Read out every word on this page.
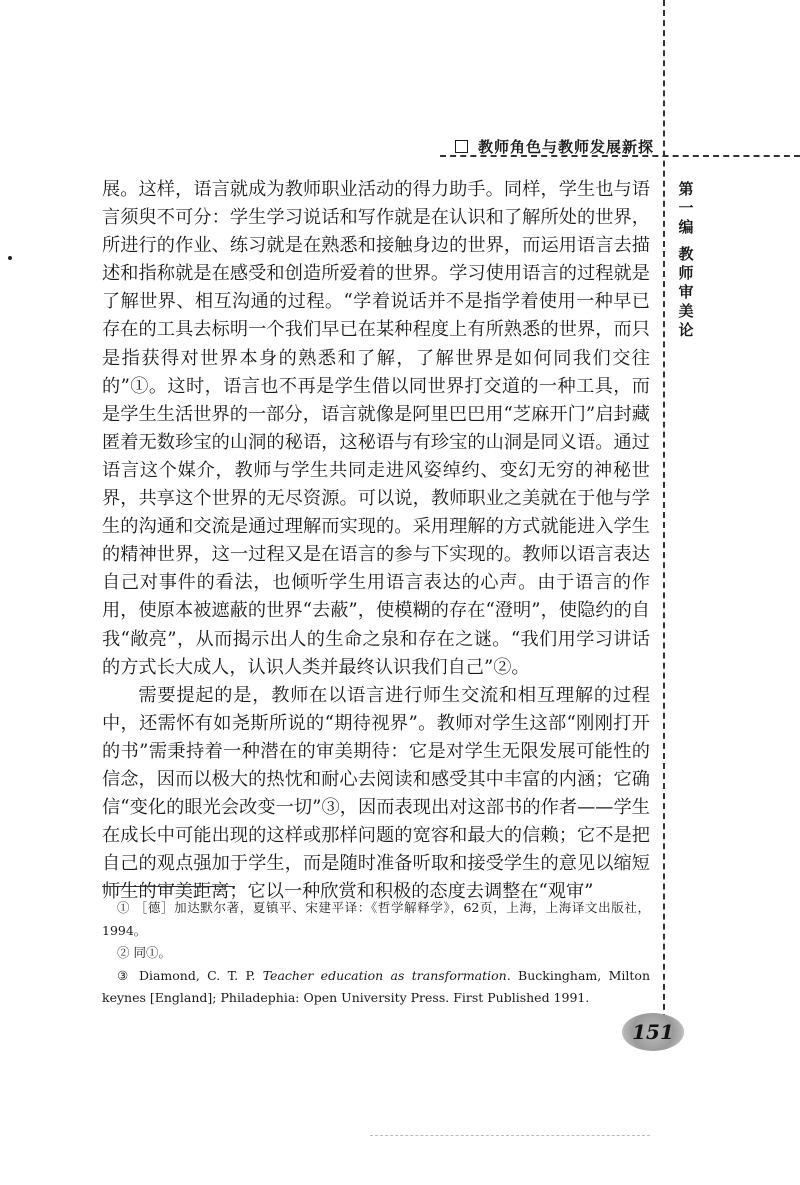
教师角色与教师发展新探
第
一
编
教
师
审
美
论

展。这样，语言就成为教师职业活动的得力助手。同样，学生也与语言须臾不可分：学生学习说话和写作就是在认识和了解所处的世界，所进行的作业、练习就是在熟悉和接触身边的世界，而运用语言去描述和指称就是在感受和创造所爱着的世界。学习使用语言的过程就是了解世界、相互沟通的过程。“学着说话并不是指学着使用一种早已存在的工具去标明一个我们早已在某种程度上有所熟悉的世界，而只是指获得对世界本身的熟悉和了解，了解世界是如何同我们交往的”①。这时，语言也不再是学生借以同世界打交道的一种工具，而是学生生活世界的一部分，语言就像是阿里巴巴用“芝麻开门”启封藏匿着无数珍宝的山洞的秘语，这秘语与有珍宝的山洞是同义语。通过语言这个媒介，教师与学生共同走进风姿绰约、变幻无穷的神秘世界，共享这个世界的无尽资源。可以说，教师职业之美就在于他与学生的沟通和交流是通过理解而实现的。采用理解的方式就能进入学生的精神世界，这一过程又是在语言的参与下实现的。教师以语言表达自己对事件的看法，也倾听学生用语言表达的心声。由于语言的作用，使原本被遮蔽的世界“去蔽”，使模糊的存在“澄明”，使隐约的自我“敞亮”，从而揭示出人的生命之泉和存在之谜。“我们用学习讲话的方式长大成人，认识人类并最终认识我们自己”②。

需要提起的是，教师在以语言进行师生交流和相互理解的过程中，还需怀有如尧斯所说的“期待视界”。教师对学生这部“刚刚打开的书”需秉持着一种潜在的审美期待：它是对学生无限发展可能性的信念，因而以极大的热忱和耐心去阅读和感受其中丰富的内涵；它确信“变化的眼光会改变一切”③，因而表现出对这部书的作者——学生在成长中可能出现的这样或那样问题的宽容和最大的信赖；它不是把自己的观点强加于学生，而是随时准备听取和接受学生的意见以缩短师生的审美距离；它以一种欣赏和积极的态度去调整在“观审”

① ［德］加达默尔著，夏镇平、宋建平译：《哲学解释学》，62页，上海，上海译文出版社，1994。

② 同①。

③ Diamond, C. T. P. Teacher education as transformation. Buckingham, Milton keynes [England]; Philadephia: Open University Press. First Published 1991.

151
